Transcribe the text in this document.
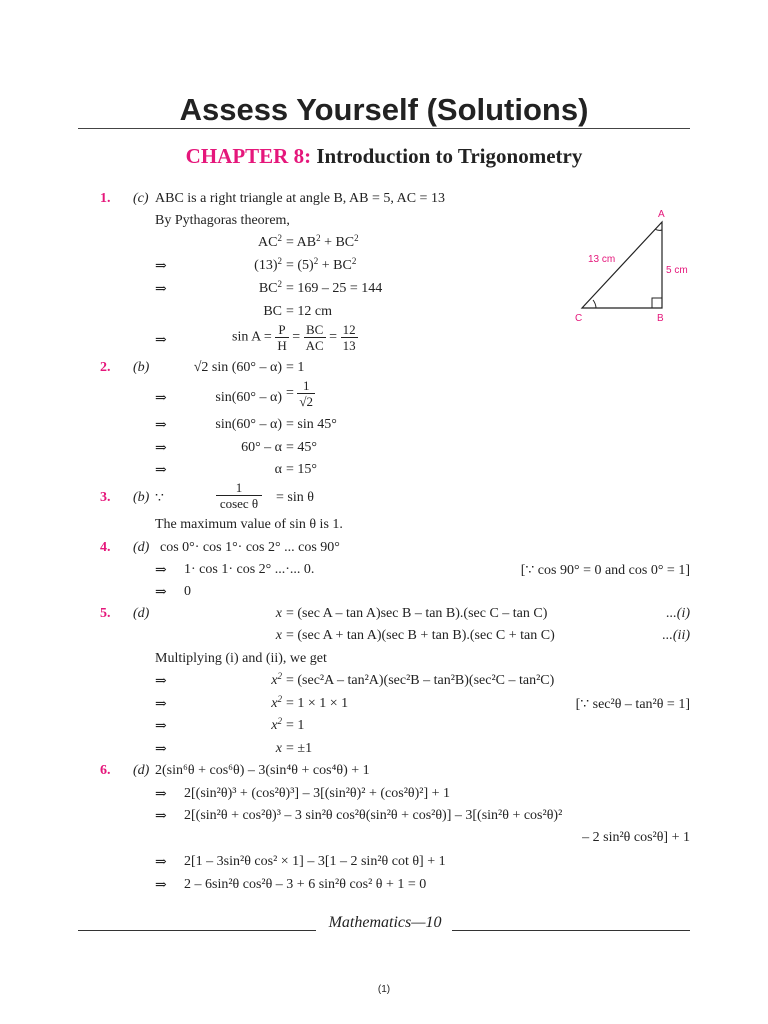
Assess Yourself (Solutions)
CHAPTER 8: Introduction to Trigonometry
A
B
C
13 cm
5 cm
1. (c) ABC is a right triangle at angle B, AB = 5, AC = 13
By Pythagoras theorem,
$AC^2 = AB^2 + BC^2$
⇒	$(13)^2 = (5)^2 + BC^2$
⇒	$BC^2 = 169 - 25 = 144$
BC = 12 cm
⇒	$\sin A = \frac{P}{H} = \frac{BC}{AC} = \frac{12}{13}$
2. (b)	√2 sin (60° – α) = 1
⇒	$\sin(60^\circ - \alpha) = \frac{1}{√2}$
⇒	sin(60° – α) = sin 45°
⇒	60° – α = 45°
⇒	α = 15°
3. (b) ∵	$\frac{1}{\text{cosec θ}} = \sin \theta$
The maximum value of sin θ is 1.
4. (d) cos 0°· cos 1°· cos 2° ... cos 90°
⇒ 1· cos 1· cos 2° ...·... 0.	[∵ cos 90° = 0 and cos 0° = 1]
⇒ 0
5. (d)	x = (sec A – tan A)sec B – tan B).(sec C – tan C)	...(i)
x = (sec A + tan A)(sec B + tan B).(sec C + tan C)	...(ii)
Multiplying (i) and (ii), we get
⇒	$x^2 = (\sec^2A - \tan^2A)(\sec^2B - \tan^2B)(\sec^2C - \tan^2C)$
⇒	$x^2 = 1 \times 1 \times 1$	[∵ sec²θ – tan²θ = 1]
⇒	$x^2 = 1$
⇒	x = ±1
6. (d) 2(sin⁶θ + cos⁶θ) – 3(sin⁴θ + cos⁴θ) + 1
⇒ 2[(sin²θ)³ + (cos²θ)³] – 3[(sin²θ)² + (cos²θ)²] + 1
⇒ 2[(sin²θ + cos²θ)³ – 3 sin²θ cos²θ(sin²θ + cos²θ)] – 3[(sin²θ + cos²θ)²
– 2 sin²θ cos²θ] + 1
⇒ 2[1 – 3sin²θ cos² × 1] – 3[1 – 2 sin²θ cot θ] + 1
⇒ 2 – 6sin²θ cos²θ – 3 + 6 sin²θ cos² θ + 1 = 0
Mathematics—10
(1)
